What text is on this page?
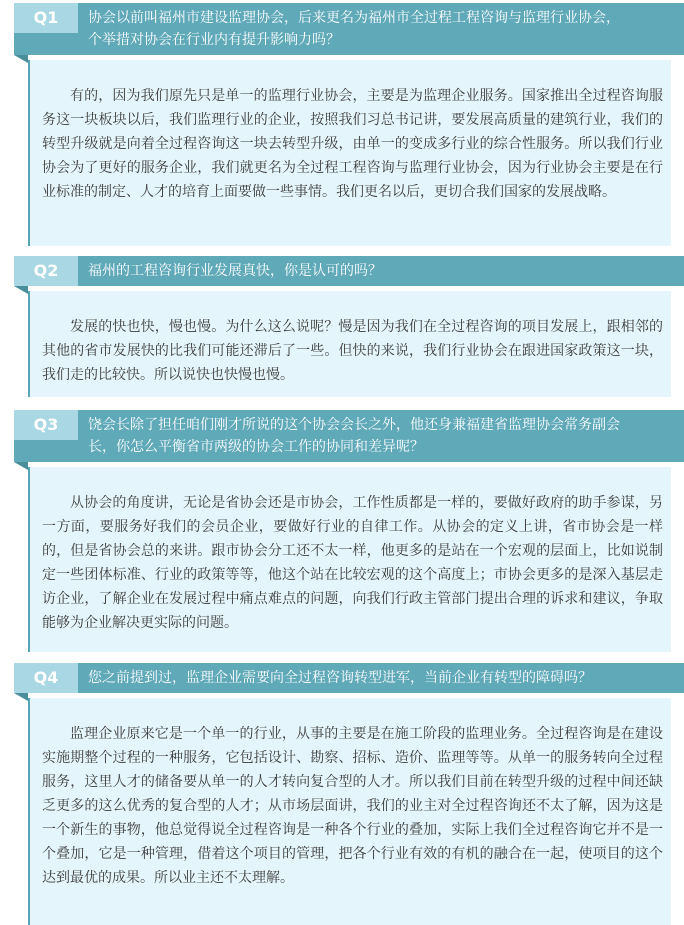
Q1	协会以前叫福州市建设监理协会，后来更名为福州市全过程工程咨询与监理行业协会，
个举措对协会在行业内有提升影响力吗？

有的，因为我们原先只是单一的监理行业协会，主要是为监理企业服务。国家推出全过程咨询服务这一块板块以后，我们监理行业的企业，按照我们习总书记讲，要发展高质量的建筑行业，我们的转型升级就是向着全过程咨询这一块去转型升级，由单一的变成多行业的综合性服务。所以我们行业协会为了更好的服务企业，我们就更名为全过程工程咨询与监理行业协会，因为行业协会主要是在行业标准的制定、人才的培育上面要做一些事情。我们更名以后，更切合我们国家的发展战略。

Q2	福州的工程咨询行业发展真快，你是认可的吗？

发展的快也快，慢也慢。为什么这么说呢？慢是因为我们在全过程咨询的项目发展上，跟相邻的其他的省市发展快的比我们可能还滞后了一些。但快的来说，我们行业协会在跟进国家政策这一块，我们走的比较快。所以说快也快慢也慢。

Q3	饶会长除了担任咱们刚才所说的这个协会会长之外，他还身兼福建省监理协会常务副会
长，你怎么平衡省市两级的协会工作的协同和差异呢？

从协会的角度讲，无论是省协会还是市协会，工作性质都是一样的，要做好政府的助手参谋，另一方面，要服务好我们的会员企业，要做好行业的自律工作。从协会的定义上讲，省市协会是一样的，但是省协会总的来讲。跟市协会分工还不太一样，他更多的是站在一个宏观的层面上，比如说制定一些团体标准、行业的政策等等，他这个站在比较宏观的这个高度上；市协会更多的是深入基层走访企业，了解企业在发展过程中痛点难点的问题，向我们行政主管部门提出合理的诉求和建议，争取能够为企业解决更实际的问题。

Q4	您之前提到过，监理企业需要向全过程咨询转型进军，当前企业有转型的障碍吗？

监理企业原来它是一个单一的行业，从事的主要是在施工阶段的监理业务。全过程咨询是在建设实施期整个过程的一种服务，它包括设计、勘察、招标、造价、监理等等。从单一的服务转向全过程服务，这里人才的储备要从单一的人才转向复合型的人才。所以我们目前在转型升级的过程中间还缺乏更多的这么优秀的复合型的人才；从市场层面讲，我们的业主对全过程咨询还不太了解，因为这是一个新生的事物，他总觉得说全过程咨询是一种各个行业的叠加，实际上我们全过程咨询它并不是一个叠加，它是一种管理，借着这个项目的管理，把各个行业有效的有机的融合在一起，使项目的这个达到最优的成果。所以业主还不太理解。
